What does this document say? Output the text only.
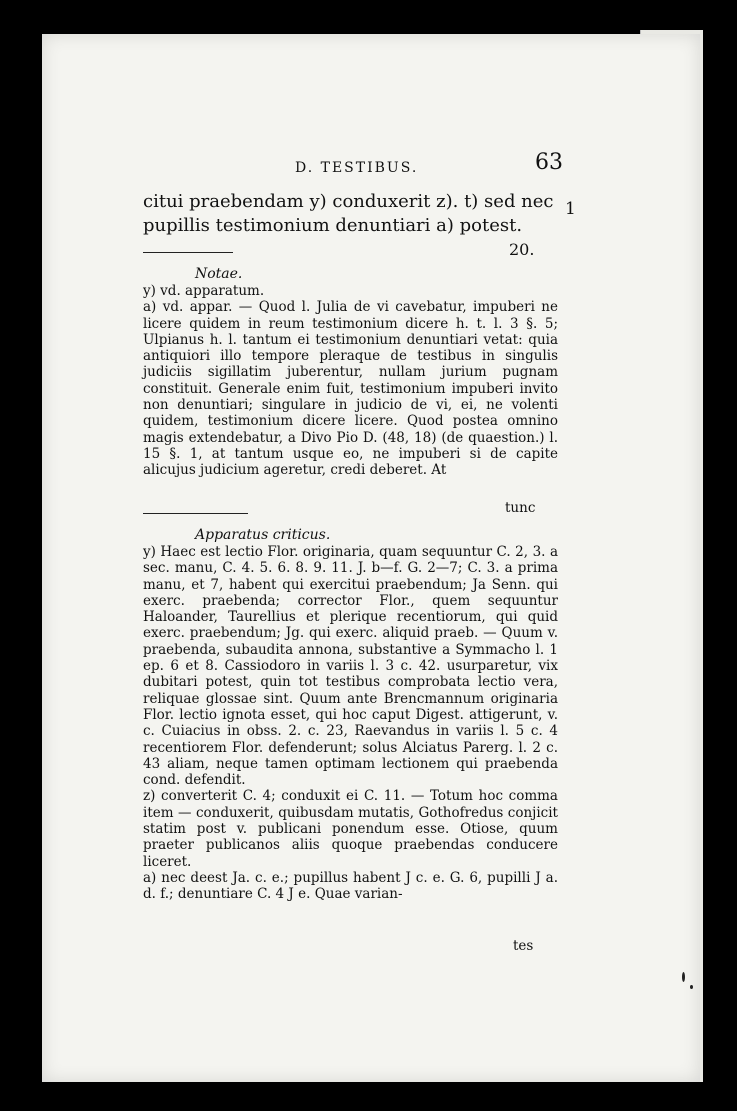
D. TESTIBUS.	63
citui praebendam y) conduxerit z). t) sed nec
pupillis testimonium denuntiari a) potest.
1
20.
Notae.

y) vd. apparatum.

a) vd. appar. — Quod l. Julia de vi cavebatur, impuberi ne licere quidem in reum testimonium dicere h. t. l. 3 §. 5; Ulpianus h. l. tantum ei testimonium denuntiari vetat: quia antiquiori illo tempore pleraque de testibus in singulis judiciis sigillatim juberentur, nullam jurium pugnam constituit. Generale enim fuit, testimonium impuberi invito non denuntiari; singulare in judicio de vi, ei, ne volenti quidem, testimonium dicere licere. Quod postea omnino magis extendebatur, a Divo Pio D. (48, 18) (de quaestion.) l. 15 §. 1, at tantum usque eo, ne impuberi si de capite alicujus judicium ageretur, credi deberet. At

tunc
Apparatus criticus.

y) Haec est lectio Flor. originaria, quam sequuntur C. 2, 3. a sec. manu, C. 4. 5. 6. 8. 9. 11. J. b—f. G. 2—7; C. 3. a prima manu, et 7, habent qui exercitui praebendum; Ja Senn. qui exerc. praebenda; corrector Flor., quem sequuntur Haloander, Taurellius et plerique recentiorum, qui quid exerc. praebendum; Jg. qui exerc. aliquid praeb. — Quum v. praebenda, subaudita annona, substantive a Symmacho l. 1 ep. 6 et 8. Cassiodoro in variis l. 3 c. 42. usurparetur, vix dubitari potest, quin tot testibus comprobata lectio vera, reliquae glossae sint. Quum ante Brencmannum originaria Flor. lectio ignota esset, qui hoc caput Digest. attigerunt, v. c. Cuiacius in obss. 2. c. 23, Raevandus in variis l. 5 c. 4 recentiorem Flor. defenderunt; solus Alciatus Parerg. l. 2 c. 43 aliam, neque tamen optimam lectionem qui praebenda cond. defendit.

z) converterit C. 4; conduxit ei C. 11. — Totum hoc comma item — conduxerit, quibusdam mutatis, Gothofredus conjicit statim post v. publicani ponendum esse. Otiose, quum praeter publicanos aliis quoque praebendas conducere liceret.

a) nec deest Ja. c. e.; pupillus habent J c. e. G. 6, pupilli J a. d. f.; denuntiare C. 4 J e. Quae varian-

tes
